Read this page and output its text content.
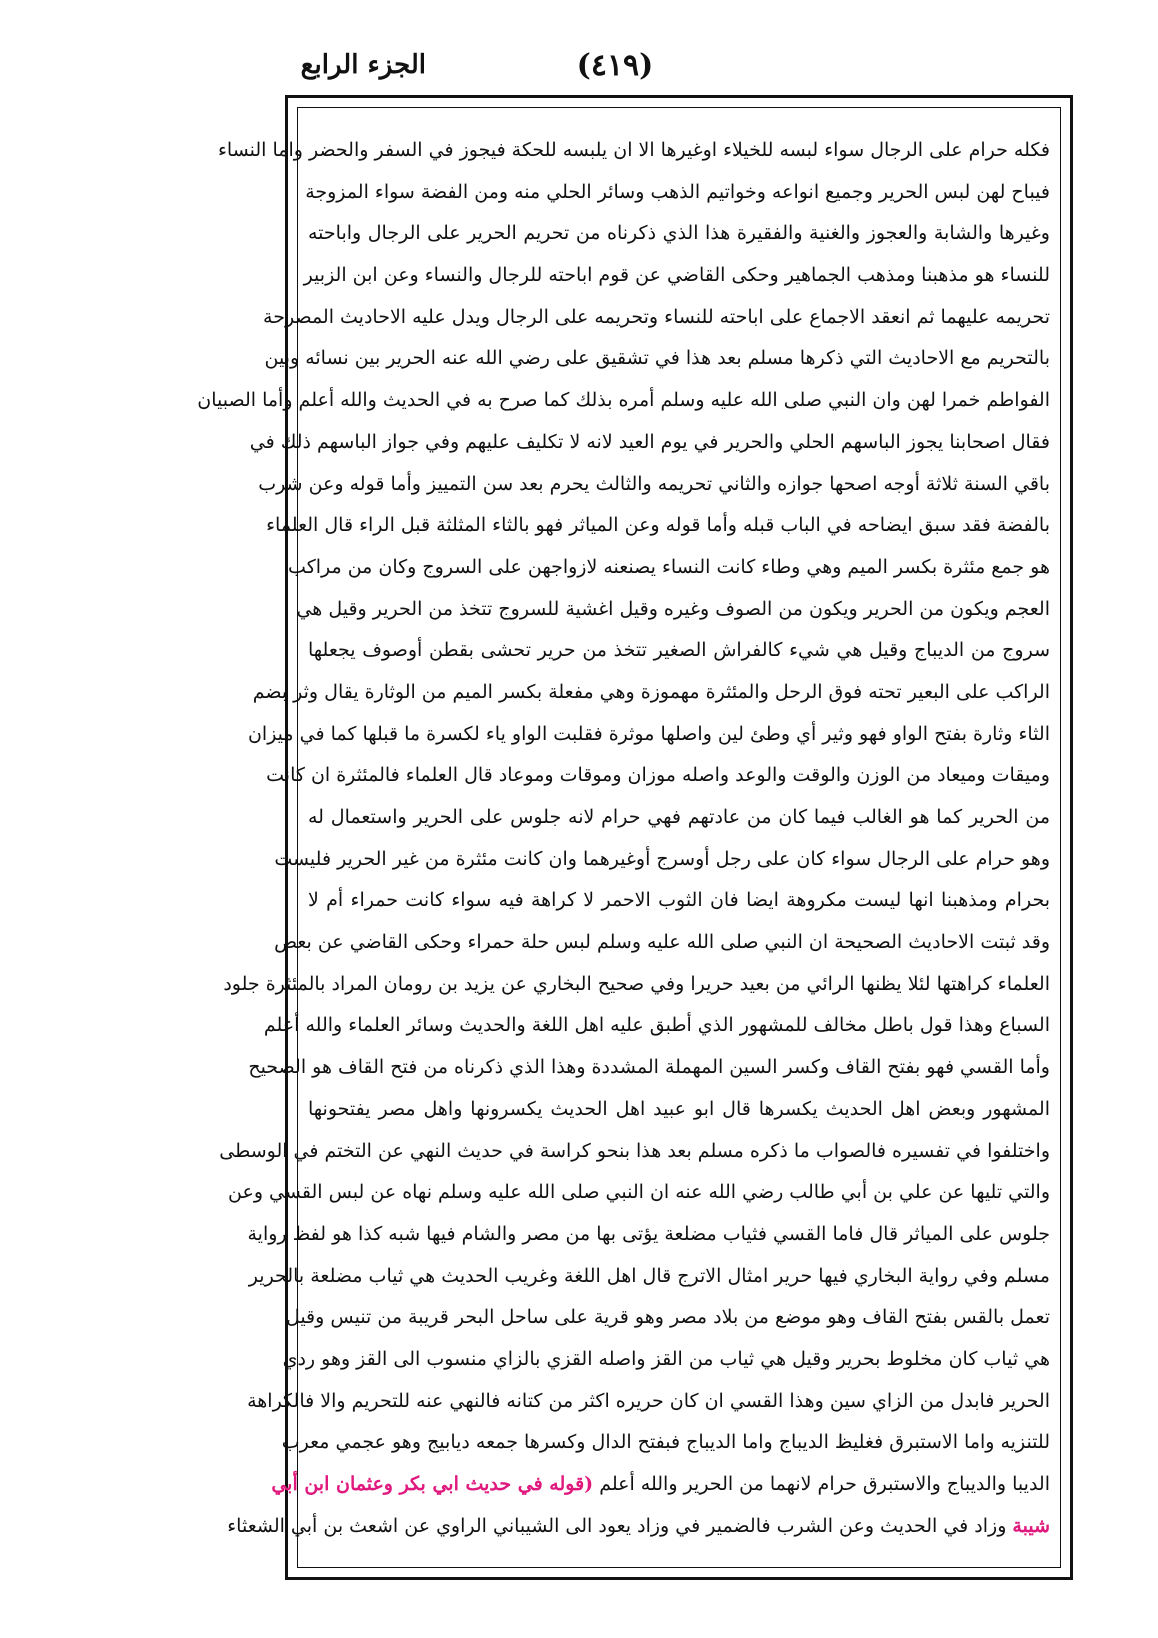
الجزء الرابع	(٤١٩)
فكله حرام على الرجال سواء لبسه للخيلاء اوغيرها الا ان يلبسه للحكة فيجوز في السفر والحضر واما النساء
فيباح لهن لبس الحرير وجميع انواعه وخواتيم الذهب وسائر الحلي منه ومن الفضة سواء المزوجة
وغيرها والشابة والعجوز والغنية والفقيرة هذا الذي ذكرناه من تحريم الحرير على الرجال واباحته
للنساء هو مذهبنا ومذهب الجماهير وحكى القاضي عن قوم اباحته للرجال والنساء وعن ابن الزبير
تحريمه عليهما ثم انعقد الاجماع على اباحته للنساء وتحريمه على الرجال ويدل عليه الاحاديث المصرحة
بالتحريم مع الاحاديث التي ذكرها مسلم بعد هذا في تشقيق على رضي الله عنه الحرير بين نسائه وبين
الفواطم خمرا لهن وان النبي صلى الله عليه وسلم أمره بذلك كما صرح به في الحديث والله أعلم وأما الصبيان
فقال اصحابنا يجوز الباسهم الحلي والحرير في يوم العيد لانه لا تكليف عليهم وفي جواز الباسهم ذلك في
باقي السنة ثلاثة أوجه اصحها جوازه والثاني تحريمه والثالث يحرم بعد سن التمييز وأما قوله وعن شرب
بالفضة فقد سبق ايضاحه في الباب قبله وأما قوله وعن المياثر فهو بالثاء المثلثة قبل الراء قال العلماء
هو جمع مئثرة بكسر الميم وهي وطاء كانت النساء يصنعنه لازواجهن على السروج وكان من مراكب
العجم ويكون من الحرير ويكون من الصوف وغيره وقيل اغشية للسروج تتخذ من الحرير وقيل هي
سروج من الديباج وقيل هي شيء كالفراش الصغير تتخذ من حرير تحشى بقطن أوصوف يجعلها
الراكب على البعير تحته فوق الرحل والمئثرة مهموزة وهي مفعلة بكسر الميم من الوثارة يقال وثر بضم
الثاء وثارة بفتح الواو فهو وثير أي وطئ لين واصلها موثرة فقلبت الواو ياء لكسرة ما قبلها كما في ميزان
وميقات وميعاد من الوزن والوقت والوعد واصله موزان وموقات وموعاد قال العلماء فالمئثرة ان كانت
من الحرير كما هو الغالب فيما كان من عادتهم فهي حرام لانه جلوس على الحرير واستعمال له
وهو حرام على الرجال سواء كان على رجل أوسرج أوغيرهما وان كانت مئثرة من غير الحرير فليست
بحرام ومذهبنا انها ليست مكروهة ايضا فان الثوب الاحمر لا كراهة فيه سواء كانت حمراء أم لا
وقد ثبتت الاحاديث الصحيحة ان النبي صلى الله عليه وسلم لبس حلة حمراء وحكى القاضي عن بعض
العلماء كراهتها لئلا يظنها الرائي من بعيد حريرا وفي صحيح البخاري عن يزيد بن رومان المراد بالمئثرة جلود
السباع وهذا قول باطل مخالف للمشهور الذي أطبق عليه اهل اللغة والحديث وسائر العلماء والله أعلم
وأما القسي فهو بفتح القاف وكسر السين المهملة المشددة وهذا الذي ذكرناه من فتح القاف هو الصحيح
المشهور وبعض اهل الحديث يكسرها قال ابو عبيد اهل الحديث يكسرونها واهل مصر يفتحونها
واختلفوا في تفسيره فالصواب ما ذكره مسلم بعد هذا بنحو كراسة في حديث النهي عن التختم في الوسطى
والتي تليها عن علي بن أبي طالب رضي الله عنه ان النبي صلى الله عليه وسلم نهاه عن لبس القسي وعن
جلوس على المياثر قال فاما القسي فثياب مضلعة يؤتى بها من مصر والشام فيها شبه كذا هو لفظ رواية
مسلم وفي رواية البخاري فيها حرير امثال الاترج قال اهل اللغة وغريب الحديث هي ثياب مضلعة بالحرير
تعمل بالقس بفتح القاف وهو موضع من بلاد مصر وهو قرية على ساحل البحر قريبة من تنيس وقيل
هي ثياب كان مخلوط بحرير وقيل هي ثياب من القز واصله القزي بالزاي منسوب الى القز وهو ردي
الحرير فابدل من الزاي سين وهذا القسي ان كان حريره اكثر من كتانه فالنهي عنه للتحريم والا فالكراهة
للتنزيه واما الاستبرق فغليظ الديباج واما الديباج فبفتح الدال وكسرها جمعه ديابيج وهو عجمي معرب
الديبا والديباج والاستبرق حرام لانهما من الحرير والله أعلم (قوله في حديث ابي بكر وعثمان ابن أبي
شيبة وزاد في الحديث وعن الشرب فالضمير في وزاد يعود الى الشيباني الراوي عن اشعث بن أبي الشعثاء
